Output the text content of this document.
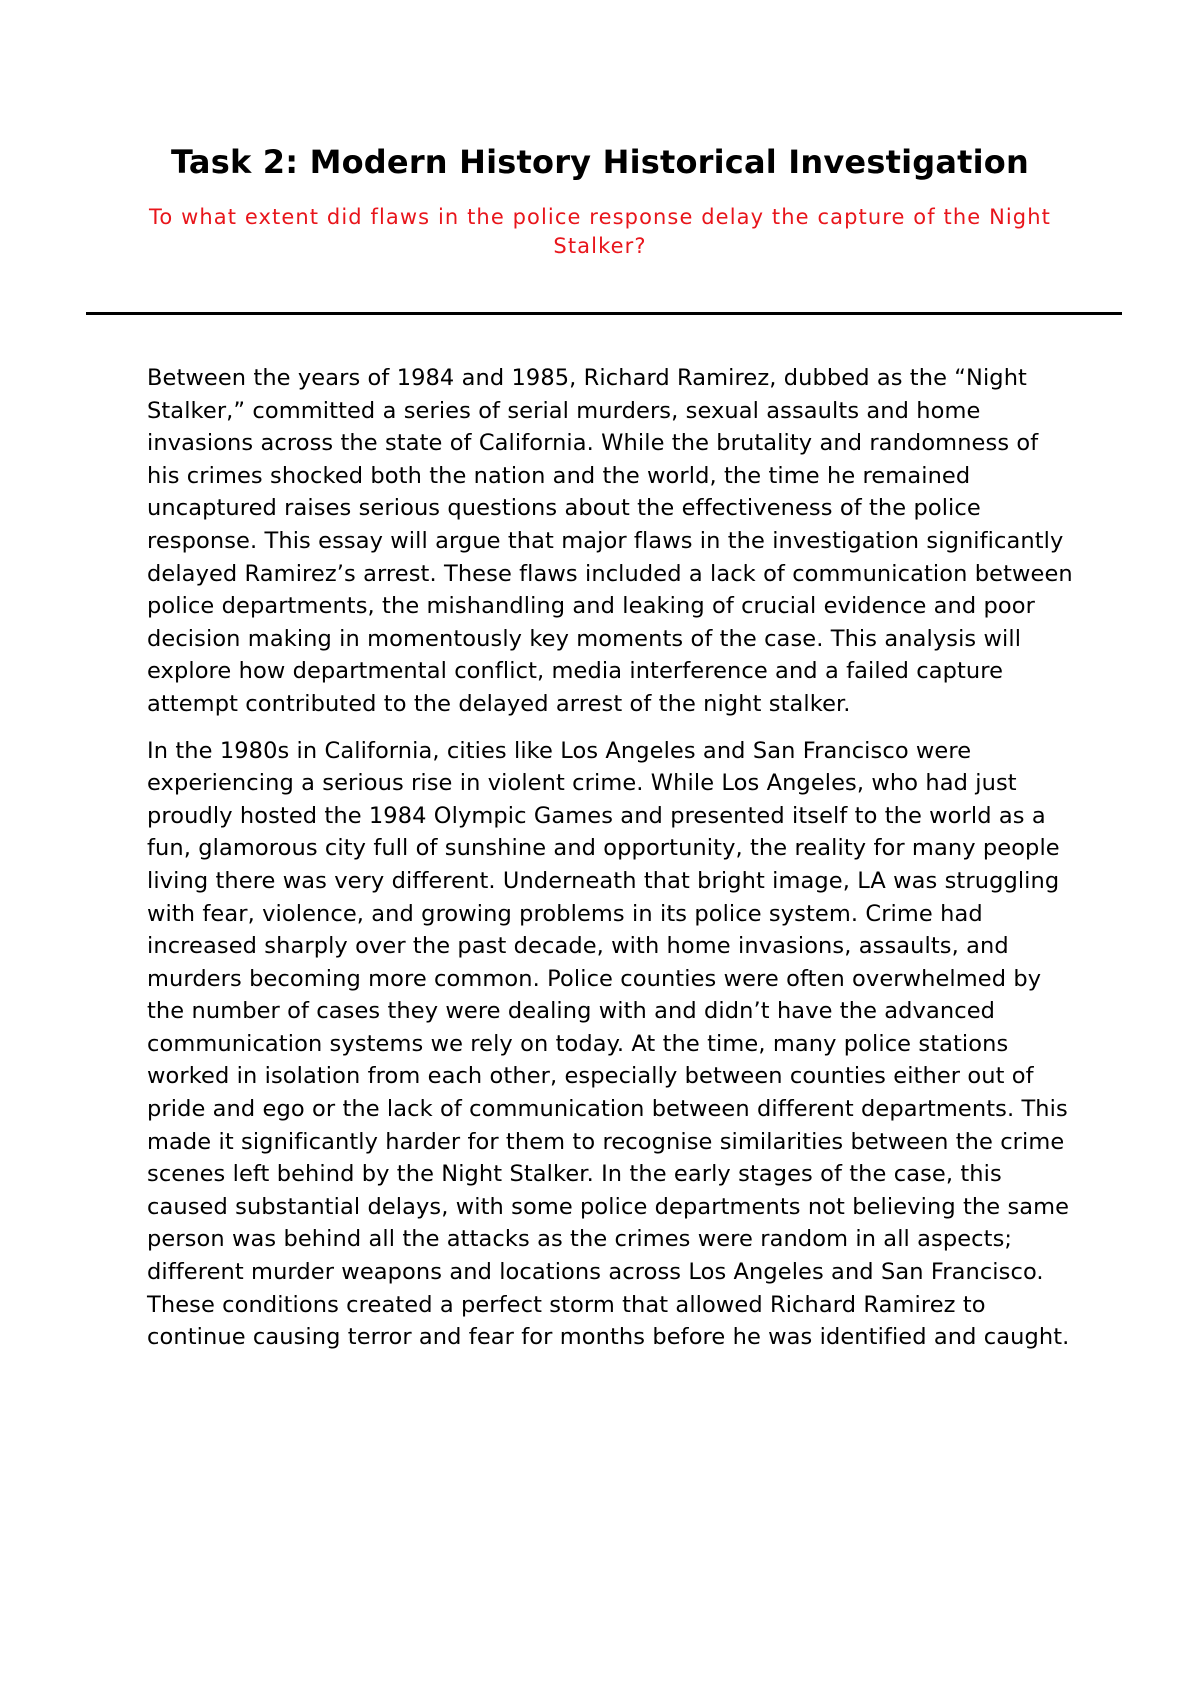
Task 2: Modern History Historical Investigation

To what extent did flaws in the police response delay the capture of the Night Stalker?

Between the years of 1984 and 1985, Richard Ramirez, dubbed as the “Night Stalker,” committed a series of serial murders, sexual assaults and home invasions across the state of California. While the brutality and randomness of his crimes shocked both the nation and the world, the time he remained uncaptured raises serious questions about the effectiveness of the police response. This essay will argue that major flaws in the investigation significantly delayed Ramirez’s arrest. These flaws included a lack of communication between police departments, the mishandling and leaking of crucial evidence and poor decision making in momentously key moments of the case. This analysis will explore how departmental conflict, media interference and a failed capture attempt contributed to the delayed arrest of the night stalker.

In the 1980s in California, cities like Los Angeles and San Francisco were experiencing a serious rise in violent crime. While Los Angeles, who had just proudly hosted the 1984 Olympic Games and presented itself to the world as a fun, glamorous city full of sunshine and opportunity, the reality for many people living there was very different. Underneath that bright image, LA was struggling with fear, violence, and growing problems in its police system. Crime had increased sharply over the past decade, with home invasions, assaults, and murders becoming more common. Police counties were often overwhelmed by the number of cases they were dealing with and didn’t have the advanced communication systems we rely on today. At the time, many police stations worked in isolation from each other, especially between counties either out of pride and ego or the lack of communication between different departments. This made it significantly harder for them to recognise similarities between the crime scenes left behind by the Night Stalker. In the early stages of the case, this caused substantial delays, with some police departments not believing the same person was behind all the attacks as the crimes were random in all aspects; different murder weapons and locations across Los Angeles and San Francisco. These conditions created a perfect storm that allowed Richard Ramirez to continue causing terror and fear for months before he was identified and caught.
